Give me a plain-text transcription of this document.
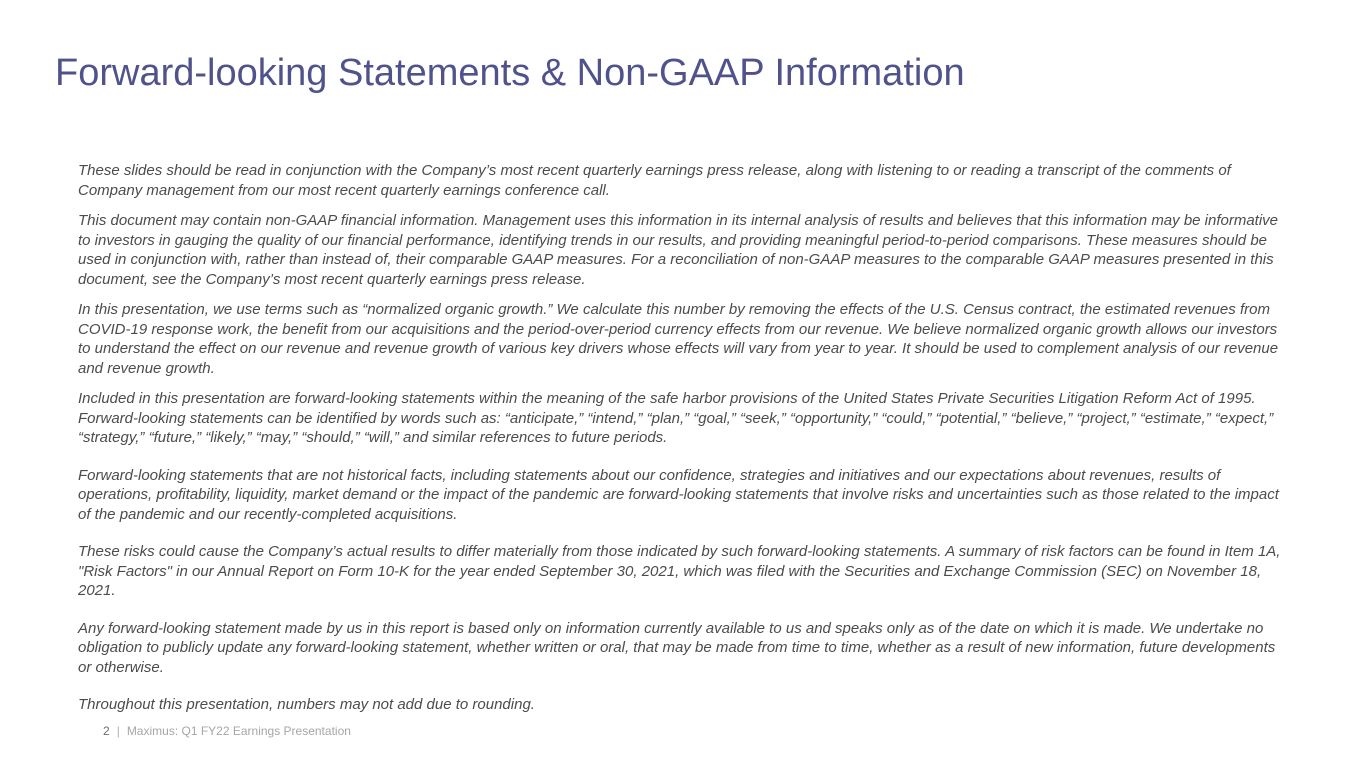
Forward-looking Statements & Non-GAAP Information

These slides should be read in conjunction with the Company’s most recent quarterly earnings press release, along with listening to or reading a transcript of the comments of Company management from our most recent quarterly earnings conference call.

This document may contain non-GAAP financial information. Management uses this information in its internal analysis of results and believes that this information may be informative to investors in gauging the quality of our financial performance, identifying trends in our results, and providing meaningful period-to-period comparisons. These measures should be used in conjunction with, rather than instead of, their comparable GAAP measures. For a reconciliation of non-GAAP measures to the comparable GAAP measures presented in this document, see the Company’s most recent quarterly earnings press release.

In this presentation, we use terms such as “normalized organic growth.” We calculate this number by removing the effects of the U.S. Census contract, the estimated revenues from COVID-19 response work, the benefit from our acquisitions and the period-over-period currency effects from our revenue. We believe normalized organic growth allows our investors to understand the effect on our revenue and revenue growth of various key drivers whose effects will vary from year to year. It should be used to complement analysis of our revenue and revenue growth.

Included in this presentation are forward-looking statements within the meaning of the safe harbor provisions of the United States Private Securities Litigation Reform Act of 1995. Forward-looking statements can be identified by words such as: “anticipate,” “intend,” “plan,” “goal,” “seek,” “opportunity,” “could,” “potential,” “believe,” “project,” “estimate,” “expect,” “strategy,” “future,” “likely,” “may,” “should,” “will,” and similar references to future periods.

Forward-looking statements that are not historical facts, including statements about our confidence, strategies and initiatives and our expectations about revenues, results of operations, profitability, liquidity, market demand or the impact of the pandemic are forward-looking statements that involve risks and uncertainties such as those related to the impact of the pandemic and our recently-completed acquisitions.

These risks could cause the Company’s actual results to differ materially from those indicated by such forward-looking statements. A summary of risk factors can be found in Item 1A, "Risk Factors" in our Annual Report on Form 10-K for the year ended September 30, 2021, which was filed with the Securities and Exchange Commission (SEC) on November 18, 2021.

Any forward-looking statement made by us in this report is based only on information currently available to us and speaks only as of the date on which it is made. We undertake no obligation to publicly update any forward-looking statement, whether written or oral, that may be made from time to time, whether as a result of new information, future developments or otherwise.

Throughout this presentation, numbers may not add due to rounding.

2 | Maximus: Q1 FY22 Earnings Presentation
